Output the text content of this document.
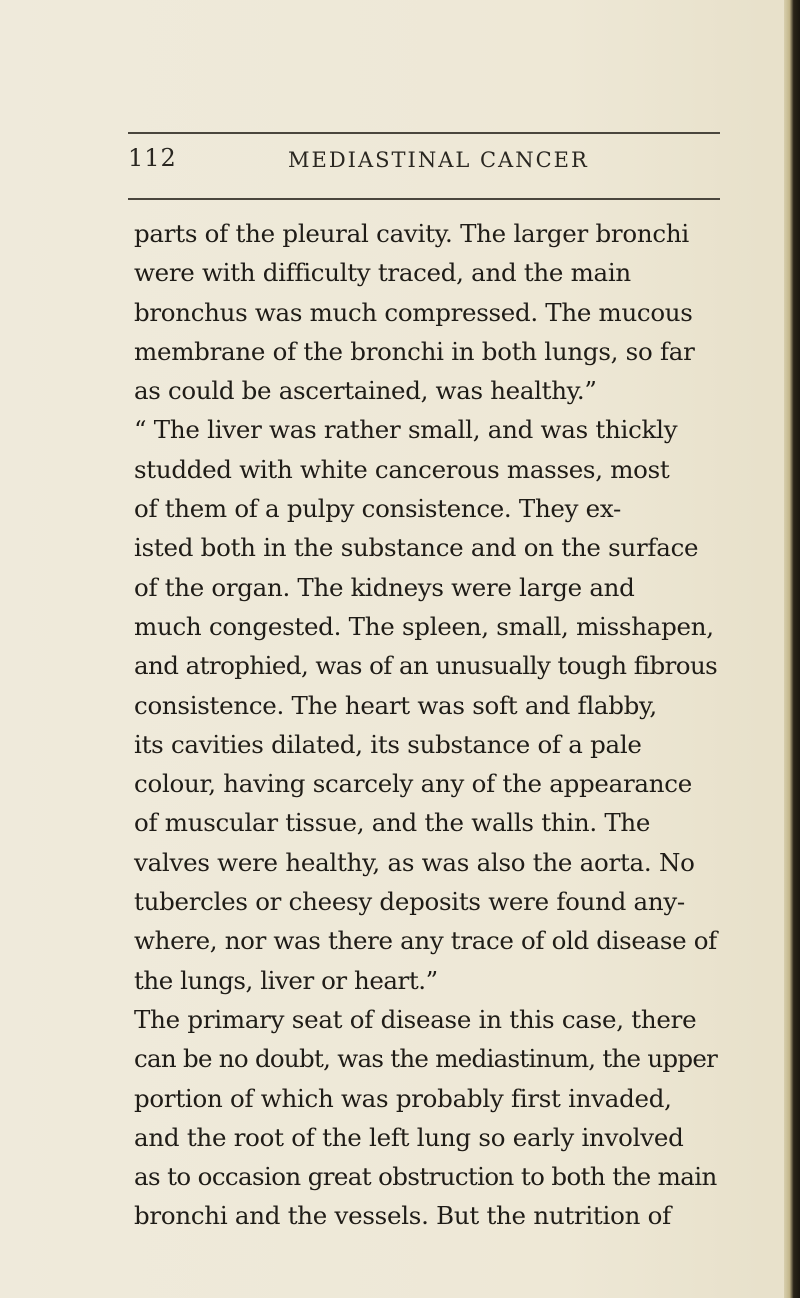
112	MEDIASTINAL CANCER
parts of the pleural cavity. The larger bronchi
were with difficulty traced, and the main
bronchus was much compressed. The mucous
membrane of the bronchi in both lungs, so far
as could be ascertained, was healthy.”
“ The liver was rather small, and was thickly
studded with white cancerous masses, most
of them of a pulpy consistence. They ex-
isted both in the substance and on the surface
of the organ. The kidneys were large and
much congested. The spleen, small, misshapen,
and atrophied, was of an unusually tough fibrous
consistence. The heart was soft and flabby,
its cavities dilated, its substance of a pale
colour, having scarcely any of the appearance
of muscular tissue, and the walls thin. The
valves were healthy, as was also the aorta. No
tubercles or cheesy deposits were found any-
where, nor was there any trace of old disease of
the lungs, liver or heart.”
The primary seat of disease in this case, there
can be no doubt, was the mediastinum, the upper
portion of which was probably first invaded,
and the root of the left lung so early involved
as to occasion great obstruction to both the main
bronchi and the vessels. But the nutrition of
